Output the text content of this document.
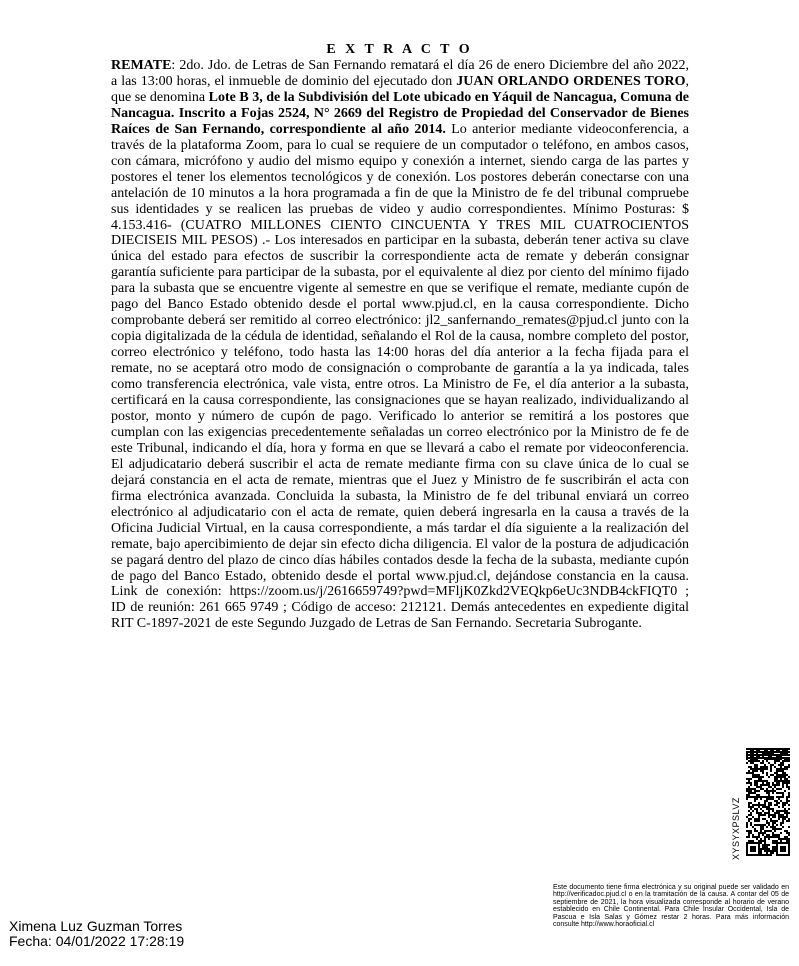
E X T R A C T O
REMATE: 2do. Jdo. de Letras de San Fernando rematará el día 26 de enero Diciembre del año 2022, a las 13:00 horas, el inmueble de dominio del ejecutado don JUAN ORLANDO ORDENES TORO, que se denomina Lote B 3, de la Subdivisión del Lote ubicado en Yáquil de Nancagua, Comuna de Nancagua. Inscrito a Fojas 2524, N° 2669 del Registro de Propiedad del Conservador de Bienes Raíces de San Fernando, correspondiente al año 2014. Lo anterior mediante videoconferencia, a través de la plataforma Zoom, para lo cual se requiere de un computador o teléfono, en ambos casos, con cámara, micrófono y audio del mismo equipo y conexión a internet, siendo carga de las partes y postores el tener los elementos tecnológicos y de conexión. Los postores deberán conectarse con una antelación de 10 minutos a la hora programada a fin de que la Ministro de fe del tribunal compruebe sus identidades y se realicen las pruebas de video y audio correspondientes. Mínimo Posturas: $ 4.153.416- (CUATRO MILLONES CIENTO CINCUENTA Y TRES MIL CUATROCIENTOS DIECISEIS MIL PESOS) .- Los interesados en participar en la subasta, deberán tener activa su clave única del estado para efectos de suscribir la correspondiente acta de remate y deberán consignar garantía suficiente para participar de la subasta, por el equivalente al diez por ciento del mínimo fijado para la subasta que se encuentre vigente al semestre en que se verifique el remate, mediante cupón de pago del Banco Estado obtenido desde el portal www.pjud.cl, en la causa correspondiente. Dicho comprobante deberá ser remitido al correo electrónico: jl2_sanfernando_remates@pjud.cl junto con la copia digitalizada de la cédula de identidad, señalando el Rol de la causa, nombre completo del postor, correo electrónico y teléfono, todo hasta las 14:00 horas del día anterior a la fecha fijada para el remate, no se aceptará otro modo de consignación o comprobante de garantía a la ya indicada, tales como transferencia electrónica, vale vista, entre otros. La Ministro de Fe, el día anterior a la subasta, certificará en la causa correspondiente, las consignaciones que se hayan realizado, individualizando al postor, monto y número de cupón de pago. Verificado lo anterior se remitirá a los postores que cumplan con las exigencias precedentemente señaladas un correo electrónico por la Ministro de fe de este Tribunal, indicando el día, hora y forma en que se llevará a cabo el remate por videoconferencia. El adjudicatario deberá suscribir el acta de remate mediante firma con su clave única de lo cual se dejará constancia en el acta de remate, mientras que el Juez y Ministro de fe suscribirán el acta con firma electrónica avanzada. Concluida la subasta, la Ministro de fe del tribunal enviará un correo electrónico al adjudicatario con el acta de remate, quien deberá ingresarla en la causa a través de la Oficina Judicial Virtual, en la causa correspondiente, a más tardar el día siguiente a la realización del remate, bajo apercibimiento de dejar sin efecto dicha diligencia. El valor de la postura de adjudicación se pagará dentro del plazo de cinco días hábiles contados desde la fecha de la subasta, mediante cupón de pago del Banco Estado, obtenido desde el portal www.pjud.cl, dejándose constancia en la causa. Link de conexión: https://zoom.us/j/2616659749?pwd=MFljK0Zkd2VEQkp6eUc3NDB4ckFIQT0 ; ID de reunión: 261 665 9749 ; Código de acceso: 212121. Demás antecedentes en expediente digital RIT C-1897-2021 de este Segundo Juzgado de Letras de San Fernando. Secretaria Subrogante.
XYSYXPSLVZ
Este documento tiene firma electrónica y su original puede ser validado en http://verificadoc.pjud.cl o en la tramitación de la causa. A contar del 05 de septiembre de 2021, la hora visualizada corresponde al horario de verano establecido en Chile Continental. Para Chile Insular Occidental, Isla de Pascua e Isla Salas y Gómez restar 2 horas. Para más información consulte http://www.horaoficial.cl
Ximena Luz Guzman Torres
Fecha: 04/01/2022 17:28:19
